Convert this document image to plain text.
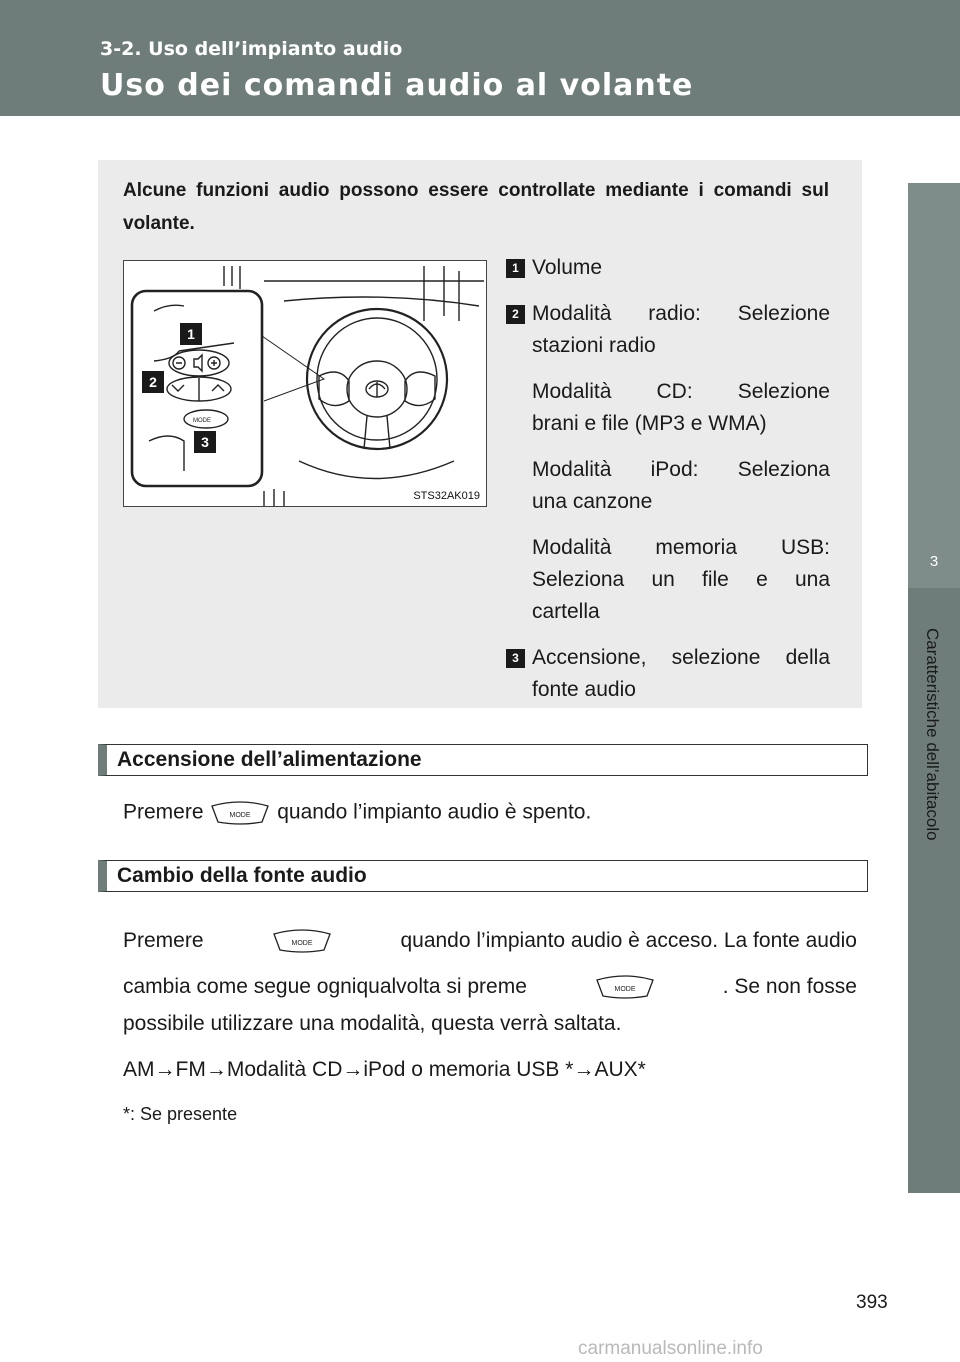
3-2. Uso dell’impianto audio
Uso dei comandi audio al volante
3
Caratteristiche dell’abitacolo
Alcune funzioni audio possono essere controllate mediante i comandi sul volante.
MODE
1
2
3
STS32AK019
1 Volume
2 Modalità radio: Selezione
stazioni radio
Modalità CD: Selezione
brani e file (MP3 e WMA)
Modalità iPod: Seleziona
una canzone
Modalità memoria USB:
Seleziona un file e una
cartella
3 Accensione, selezione della
fonte audio
Accensione dell’alimentazione
Premere	MODE quando l’impianto audio è spento.
Cambio della fonte audio
Premere	MODE	quando l’impianto audio è acceso. La fonte audio
cambia come segue ogniqualvolta si preme	MODE	. Se non fosse
possibile utilizzare una modalità, questa verrà saltata.
AM→FM→Modalità CD→iPod o memoria USB *→AUX*
*: Se presente
393
carmanualsonline.info
